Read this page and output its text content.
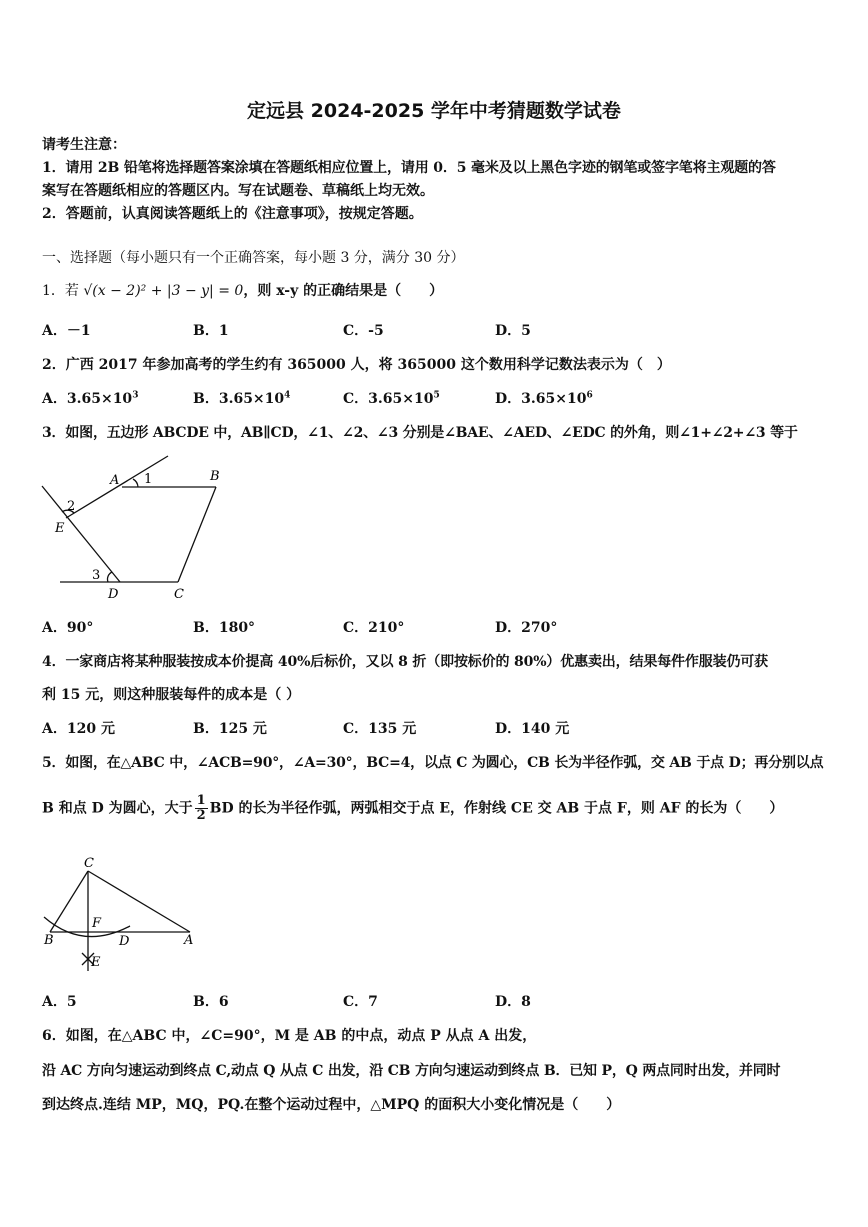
定远县 2024-2025 学年中考猜题数学试卷
请考生注意：
1．请用 2B 铅笔将选择题答案涂填在答题纸相应位置上，请用 0．5 毫米及以上黑色字迹的钢笔或签字笔将主观题的答
案写在答题纸相应的答题区内。写在试题卷、草稿纸上均无效。
2．答题前，认真阅读答题纸上的《注意事项》，按规定答题。
一、选择题（每小题只有一个正确答案，每小题 3 分，满分 30 分）
1．若 √(x − 2)² + |3 − y| = 0，则 x-y 的正确结果是（　　）
A．－1	B．1	C．-5	D．5
2．广西 2017 年参加高考的学生约有 365000 人，将 365000 这个数用科学记数法表示为（　）
A．$3.65\times 10^3$	B．$3.65\times 10^4$	C．$3.65\times 10^5$	D．$3.65\times 10^6$
3．如图，五边形 ABCDE 中，AB∥CD，∠1、∠2、∠3 分别是∠BAE、∠AED、∠EDC 的外角，则∠1+∠2+∠3 等于
A	B
C
D
E
1
2
3
A．90°	B．180°	C．210°	D．270°
4．一家商店将某种服装按成本价提高 40%后标价，又以 8 折（即按标价的 80%）优惠卖出，结果每件作服装仍可获
利 15 元，则这种服装每件的成本是（ ）
A．120 元	B．125 元	C．135 元	D．140 元
5．如图，在△ABC 中，∠ACB=90°，∠A=30°，BC=4，以点 C 为圆心，CB 长为半径作弧，交 AB 于点 D；再分别以点
B 和点 D 为圆心，大于 $\frac{1}{2}$ BD 的长为半径作弧，两弧相交于点 E，作射线 CE 交 AB 于点 F，则 AF 的长为（　　）
C
B	A
F
D
E
A．5	B．6	C．7	D．8
6．如图，在△ABC 中，∠C=90°，M 是 AB 的中点，动点 P 从点 A 出发，
沿 AC 方向匀速运动到终点 C,动点 Q 从点 C 出发，沿 CB 方向匀速运动到终点 B．已知 P，Q 两点同时出发，并同时
到达终点.连结 MP，MQ，PQ.在整个运动过程中，△MPQ 的面积大小变化情况是（　　）
